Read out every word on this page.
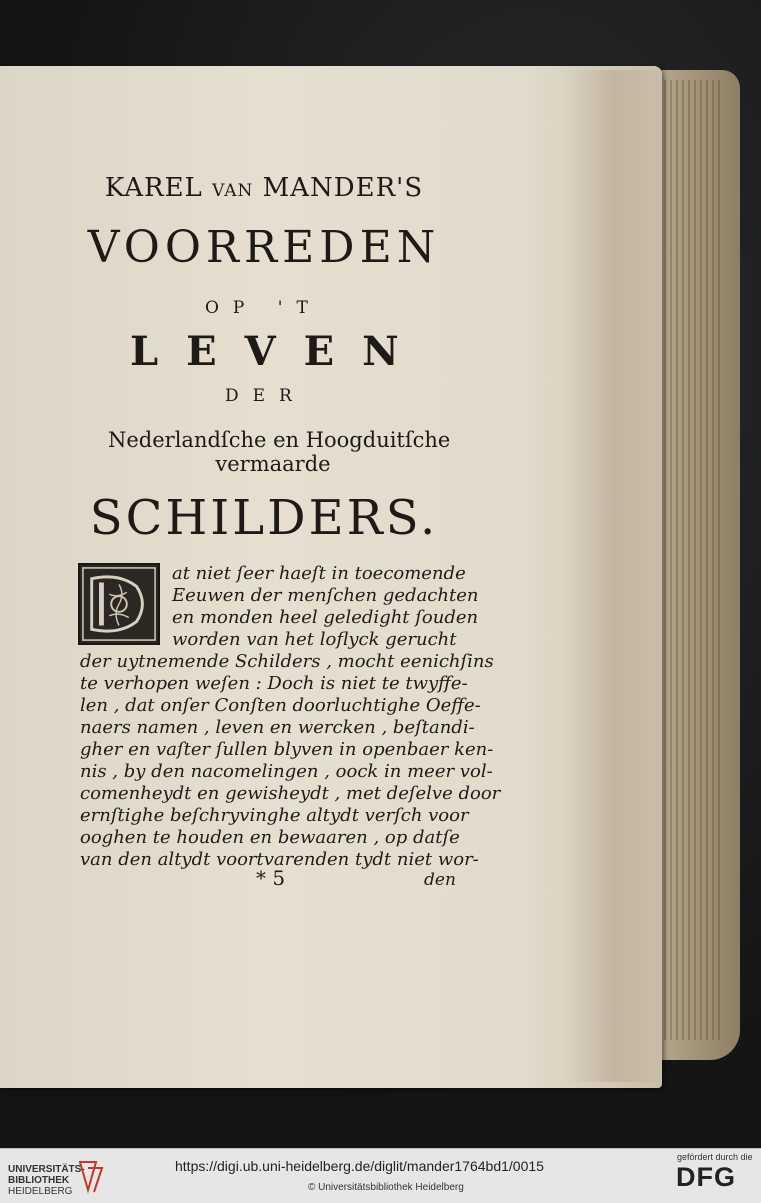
KAREL VAN MANDER'S
VOORREDEN
OP 'T
LEVEN
DER
Nederlandſche en Hoogduitſche
vermaarde
SCHILDERS.
at niet ſeer haeſt in toecomende
Eeuwen der menſchen gedachten
en monden heel geledight ſouden
worden van het loflyck gerucht
der uytnemende Schilders , mocht eenichſins
te verhopen weſen : Doch is niet te twyffe-
len , dat onſer Conſten doorluchtighe Oeffe-
naers namen , leven en wercken , beſtandi-
gher en vaſter ſullen blyven in openbaer ken-
nis , by den nacomelingen , oock in meer vol-
comenheydt en gewisheydt , met deſelve door
ernſtighe beſchryvinghe altydt verſch voor
ooghen te houden en bewaaren , op datſe
van den altydt voortvarenden tydt niet wor-
* 5	den
UNIVERSITÄTS-
BIBLIOTHEK
HEIDELBERG
https://digi.ub.uni-heidelberg.de/diglit/mander1764bd1/0015
© Universitätsbibliothek Heidelberg
gefördert durch die
DFG
